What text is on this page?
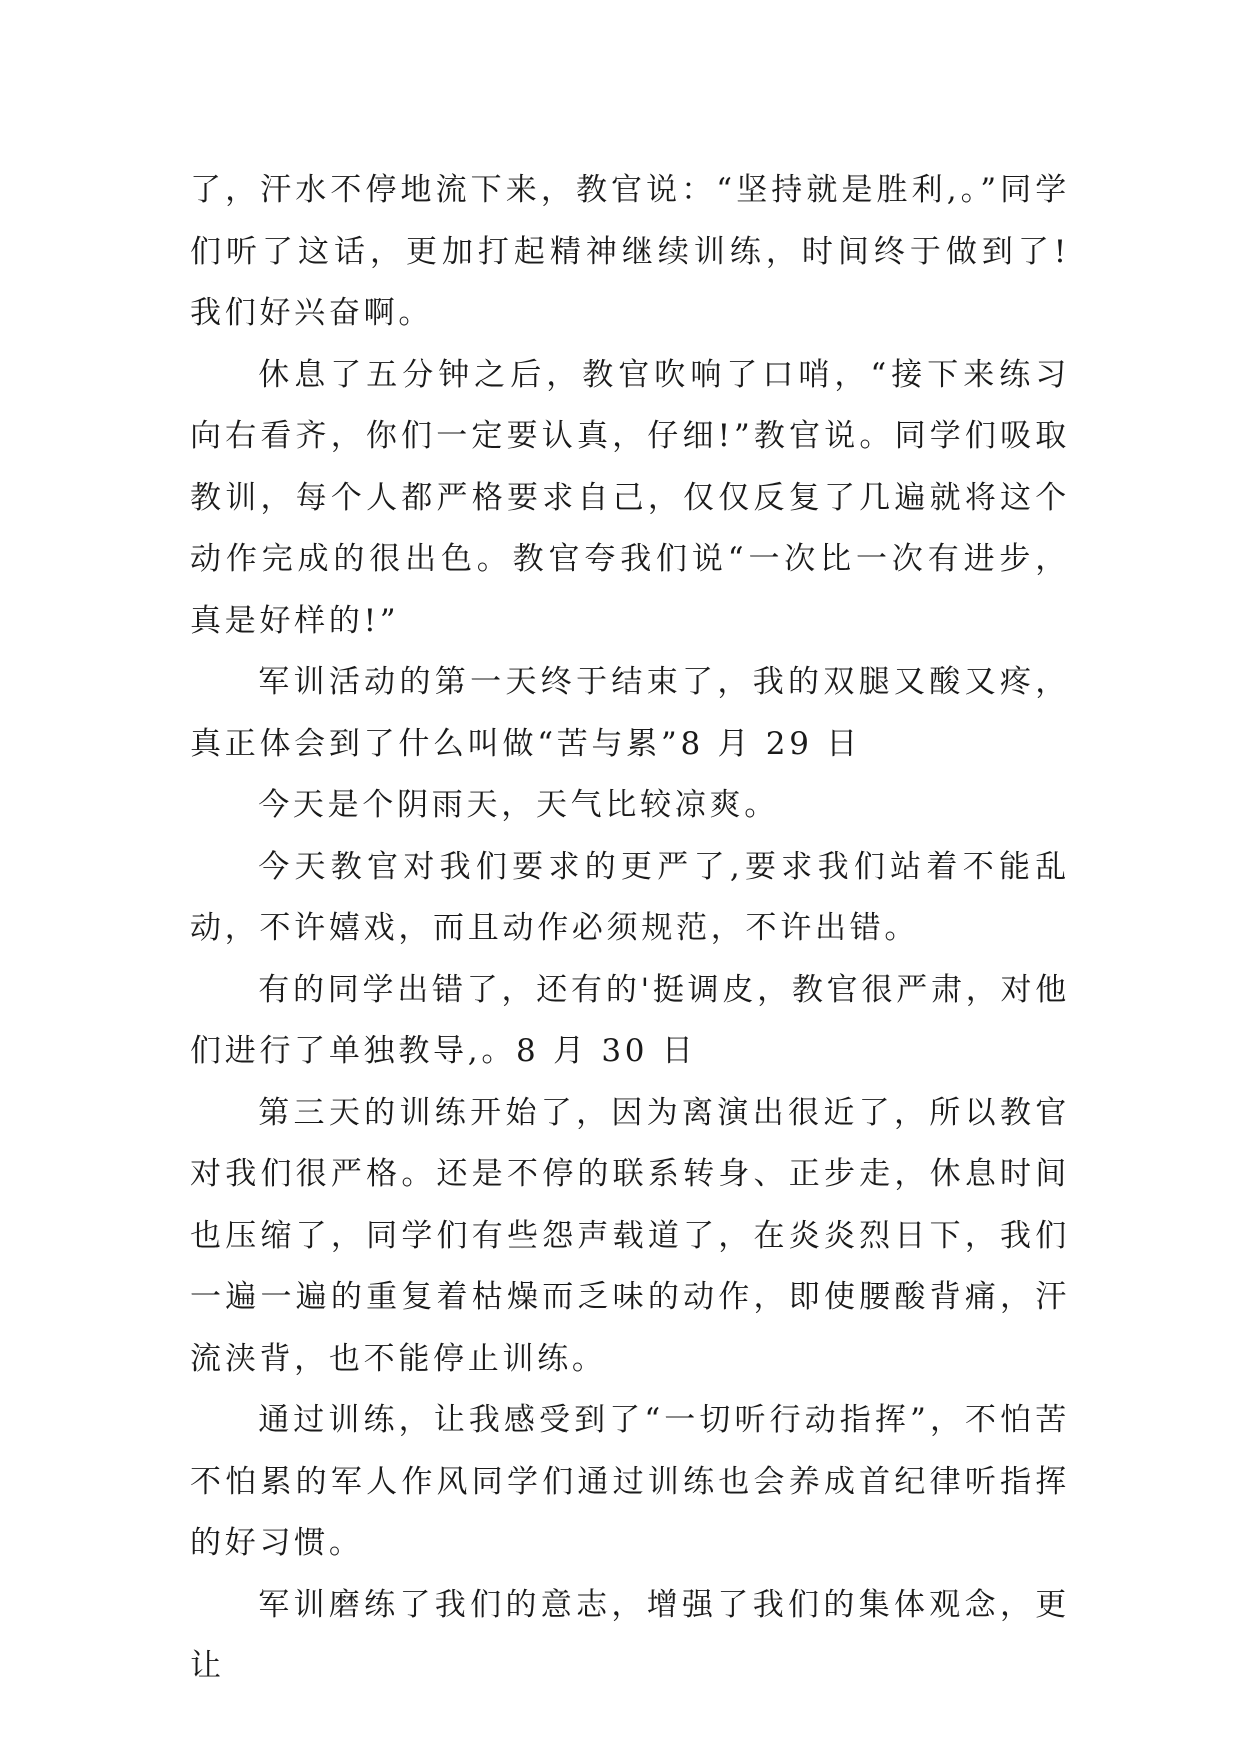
了，汗水不停地流下来，教官说：“坚持就是胜利,。”同学们听了这话，更加打起精神继续训练，时间终于做到了!我们好兴奋啊。

休息了五分钟之后，教官吹响了口哨，“接下来练习向右看齐，你们一定要认真，仔细!”教官说。同学们吸取教训，每个人都严格要求自己，仅仅反复了几遍就将这个动作完成的很出色。教官夸我们说“一次比一次有进步，真是好样的!”

军训活动的第一天终于结束了，我的双腿又酸又疼，真正体会到了什么叫做“苦与累”8 月 29 日

今天是个阴雨天，天气比较凉爽。

今天教官对我们要求的更严了,要求我们站着不能乱动，不许嬉戏，而且动作必须规范，不许出错。

有的同学出错了，还有的'挺调皮，教官很严肃，对他们进行了单独教导,。8 月 30 日

第三天的训练开始了，因为离演出很近了，所以教官对我们很严格。还是不停的联系转身、正步走，休息时间也压缩了，同学们有些怨声载道了，在炎炎烈日下，我们一遍一遍的重复着枯燥而乏味的动作，即使腰酸背痛，汗流浃背，也不能停止训练。

通过训练，让我感受到了“一切听行动指挥”，不怕苦不怕累的军人作风同学们通过训练也会养成首纪律听指挥的好习惯。

军训磨练了我们的意志，增强了我们的集体观念，更让
